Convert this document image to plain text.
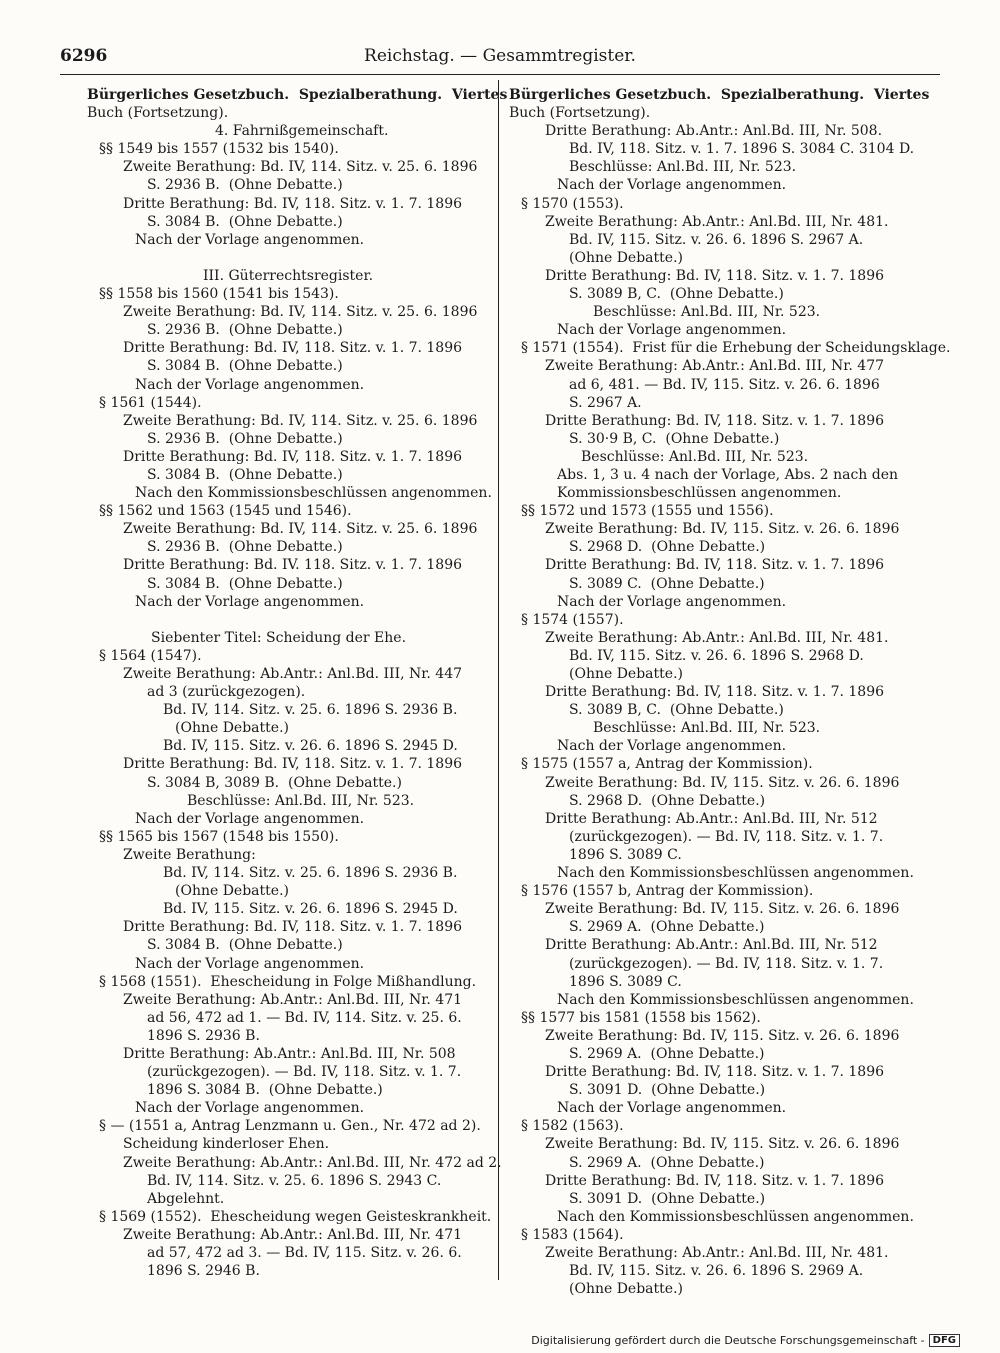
6296	Reichstag. — Gesammtregister.
Bürgerliches Gesetzbuch.  Spezialberathung.  Viertes
Buch (Fortsetzung).
4. Fahrnißgemeinschaft.
§§ 1549 bis 1557 (1532 bis 1540).
Zweite Berathung: Bd. IV, 114. Sitz. v. 25. 6. 1896
S. 2936 B.  (Ohne Debatte.)
Dritte Berathung: Bd. IV, 118. Sitz. v. 1. 7. 1896
S. 3084 B.  (Ohne Debatte.)
Nach der Vorlage angenommen.
III. Güterrechtsregister.
§§ 1558 bis 1560 (1541 bis 1543).
Zweite Berathung: Bd. IV, 114. Sitz. v. 25. 6. 1896
S. 2936 B.  (Ohne Debatte.)
Dritte Berathung: Bd. IV, 118. Sitz. v. 1. 7. 1896
S. 3084 B.  (Ohne Debatte.)
Nach der Vorlage angenommen.
§ 1561 (1544).
Zweite Berathung: Bd. IV, 114. Sitz. v. 25. 6. 1896
S. 2936 B.  (Ohne Debatte.)
Dritte Berathung: Bd. IV, 118. Sitz. v. 1. 7. 1896
S. 3084 B.  (Ohne Debatte.)
Nach den Kommissionsbeschlüssen angenommen.
§§ 1562 und 1563 (1545 und 1546).
Zweite Berathung: Bd. IV, 114. Sitz. v. 25. 6. 1896
S. 2936 B.  (Ohne Debatte.)
Dritte Berathung: Bd. IV. 118. Sitz. v. 1. 7. 1896
S. 3084 B.  (Ohne Debatte.)
Nach der Vorlage angenommen.
Siebenter Titel: Scheidung der Ehe.
§ 1564 (1547).
Zweite Berathung: Ab.Antr.: Anl.Bd. III, Nr. 447
ad 3 (zurückgezogen).
Bd. IV, 114. Sitz. v. 25. 6. 1896 S. 2936 B.
(Ohne Debatte.)
Bd. IV, 115. Sitz. v. 26. 6. 1896 S. 2945 D.
Dritte Berathung: Bd. IV, 118. Sitz. v. 1. 7. 1896
S. 3084 B, 3089 B.  (Ohne Debatte.)
Beschlüsse: Anl.Bd. III, Nr. 523.
Nach der Vorlage angenommen.
§§ 1565 bis 1567 (1548 bis 1550).
Zweite Berathung:
Bd. IV, 114. Sitz. v. 25. 6. 1896 S. 2936 B.
(Ohne Debatte.)
Bd. IV, 115. Sitz. v. 26. 6. 1896 S. 2945 D.
Dritte Berathung: Bd. IV, 118. Sitz. v. 1. 7. 1896
S. 3084 B.  (Ohne Debatte.)
Nach der Vorlage angenommen.
§ 1568 (1551).  Ehescheidung in Folge Mißhandlung.
Zweite Berathung: Ab.Antr.: Anl.Bd. III, Nr. 471
ad 56, 472 ad 1. — Bd. IV, 114. Sitz. v. 25. 6.
1896 S. 2936 B.
Dritte Berathung: Ab.Antr.: Anl.Bd. III, Nr. 508
(zurückgezogen). — Bd. IV, 118. Sitz. v. 1. 7.
1896 S. 3084 B.  (Ohne Debatte.)
Nach der Vorlage angenommen.
§ — (1551 a, Antrag Lenzmann u. Gen., Nr. 472 ad 2).
Scheidung kinderloser Ehen.
Zweite Berathung: Ab.Antr.: Anl.Bd. III, Nr. 472 ad 2.
Bd. IV, 114. Sitz. v. 25. 6. 1896 S. 2943 C.
Abgelehnt.
§ 1569 (1552).  Ehescheidung wegen Geisteskrankheit.
Zweite Berathung: Ab.Antr.: Anl.Bd. III, Nr. 471
ad 57, 472 ad 3. — Bd. IV, 115. Sitz. v. 26. 6.
1896 S. 2946 B.
Bürgerliches Gesetzbuch.  Spezialberathung.  Viertes
Buch (Fortsetzung).
Dritte Berathung: Ab.Antr.: Anl.Bd. III, Nr. 508.
Bd. IV, 118. Sitz. v. 1. 7. 1896 S. 3084 C. 3104 D.
Beschlüsse: Anl.Bd. III, Nr. 523.
Nach der Vorlage angenommen.
§ 1570 (1553).
Zweite Berathung: Ab.Antr.: Anl.Bd. III, Nr. 481.
Bd. IV, 115. Sitz. v. 26. 6. 1896 S. 2967 A.
(Ohne Debatte.)
Dritte Berathung: Bd. IV, 118. Sitz. v. 1. 7. 1896
S. 3089 B, C.  (Ohne Debatte.)
Beschlüsse: Anl.Bd. III, Nr. 523.
Nach der Vorlage angenommen.
§ 1571 (1554).  Frist für die Erhebung der Scheidungsklage.
Zweite Berathung: Ab.Antr.: Anl.Bd. III, Nr. 477
ad 6, 481. — Bd. IV, 115. Sitz. v. 26. 6. 1896
S. 2967 A.
Dritte Berathung: Bd. IV, 118. Sitz. v. 1. 7. 1896
S. 30·9 B, C.  (Ohne Debatte.)
Beschlüsse: Anl.Bd. III, Nr. 523.
Abs. 1, 3 u. 4 nach der Vorlage, Abs. 2 nach den
Kommissionsbeschlüssen angenommen.
§§ 1572 und 1573 (1555 und 1556).
Zweite Berathung: Bd. IV, 115. Sitz. v. 26. 6. 1896
S. 2968 D.  (Ohne Debatte.)
Dritte Berathung: Bd. IV, 118. Sitz. v. 1. 7. 1896
S. 3089 C.  (Ohne Debatte.)
Nach der Vorlage angenommen.
§ 1574 (1557).
Zweite Berathung: Ab.Antr.: Anl.Bd. III, Nr. 481.
Bd. IV, 115. Sitz. v. 26. 6. 1896 S. 2968 D.
(Ohne Debatte.)
Dritte Berathung: Bd. IV, 118. Sitz. v. 1. 7. 1896
S. 3089 B, C.  (Ohne Debatte.)
Beschlüsse: Anl.Bd. III, Nr. 523.
Nach der Vorlage angenommen.
§ 1575 (1557 a, Antrag der Kommission).
Zweite Berathung: Bd. IV, 115. Sitz. v. 26. 6. 1896
S. 2968 D.  (Ohne Debatte.)
Dritte Berathung: Ab.Antr.: Anl.Bd. III, Nr. 512
(zurückgezogen). — Bd. IV, 118. Sitz. v. 1. 7.
1896 S. 3089 C.
Nach den Kommissionsbeschlüssen angenommen.
§ 1576 (1557 b, Antrag der Kommission).
Zweite Berathung: Bd. IV, 115. Sitz. v. 26. 6. 1896
S. 2969 A.  (Ohne Debatte.)
Dritte Berathung: Ab.Antr.: Anl.Bd. III, Nr. 512
(zurückgezogen). — Bd. IV, 118. Sitz. v. 1. 7.
1896 S. 3089 C.
Nach den Kommissionsbeschlüssen angenommen.
§§ 1577 bis 1581 (1558 bis 1562).
Zweite Berathung: Bd. IV, 115. Sitz. v. 26. 6. 1896
S. 2969 A.  (Ohne Debatte.)
Dritte Berathung: Bd. IV, 118. Sitz. v. 1. 7. 1896
S. 3091 D.  (Ohne Debatte.)
Nach der Vorlage angenommen.
§ 1582 (1563).
Zweite Berathung: Bd. IV, 115. Sitz. v. 26. 6. 1896
S. 2969 A.  (Ohne Debatte.)
Dritte Berathung: Bd. IV, 118. Sitz. v. 1. 7. 1896
S. 3091 D.  (Ohne Debatte.)
Nach den Kommissionsbeschlüssen angenommen.
§ 1583 (1564).
Zweite Berathung: Ab.Antr.: Anl.Bd. III, Nr. 481.
Bd. IV, 115. Sitz. v. 26. 6. 1896 S. 2969 A.
(Ohne Debatte.)
Digitalisierung gefördert durch die Deutsche Forschungsgemeinschaft - DFG
